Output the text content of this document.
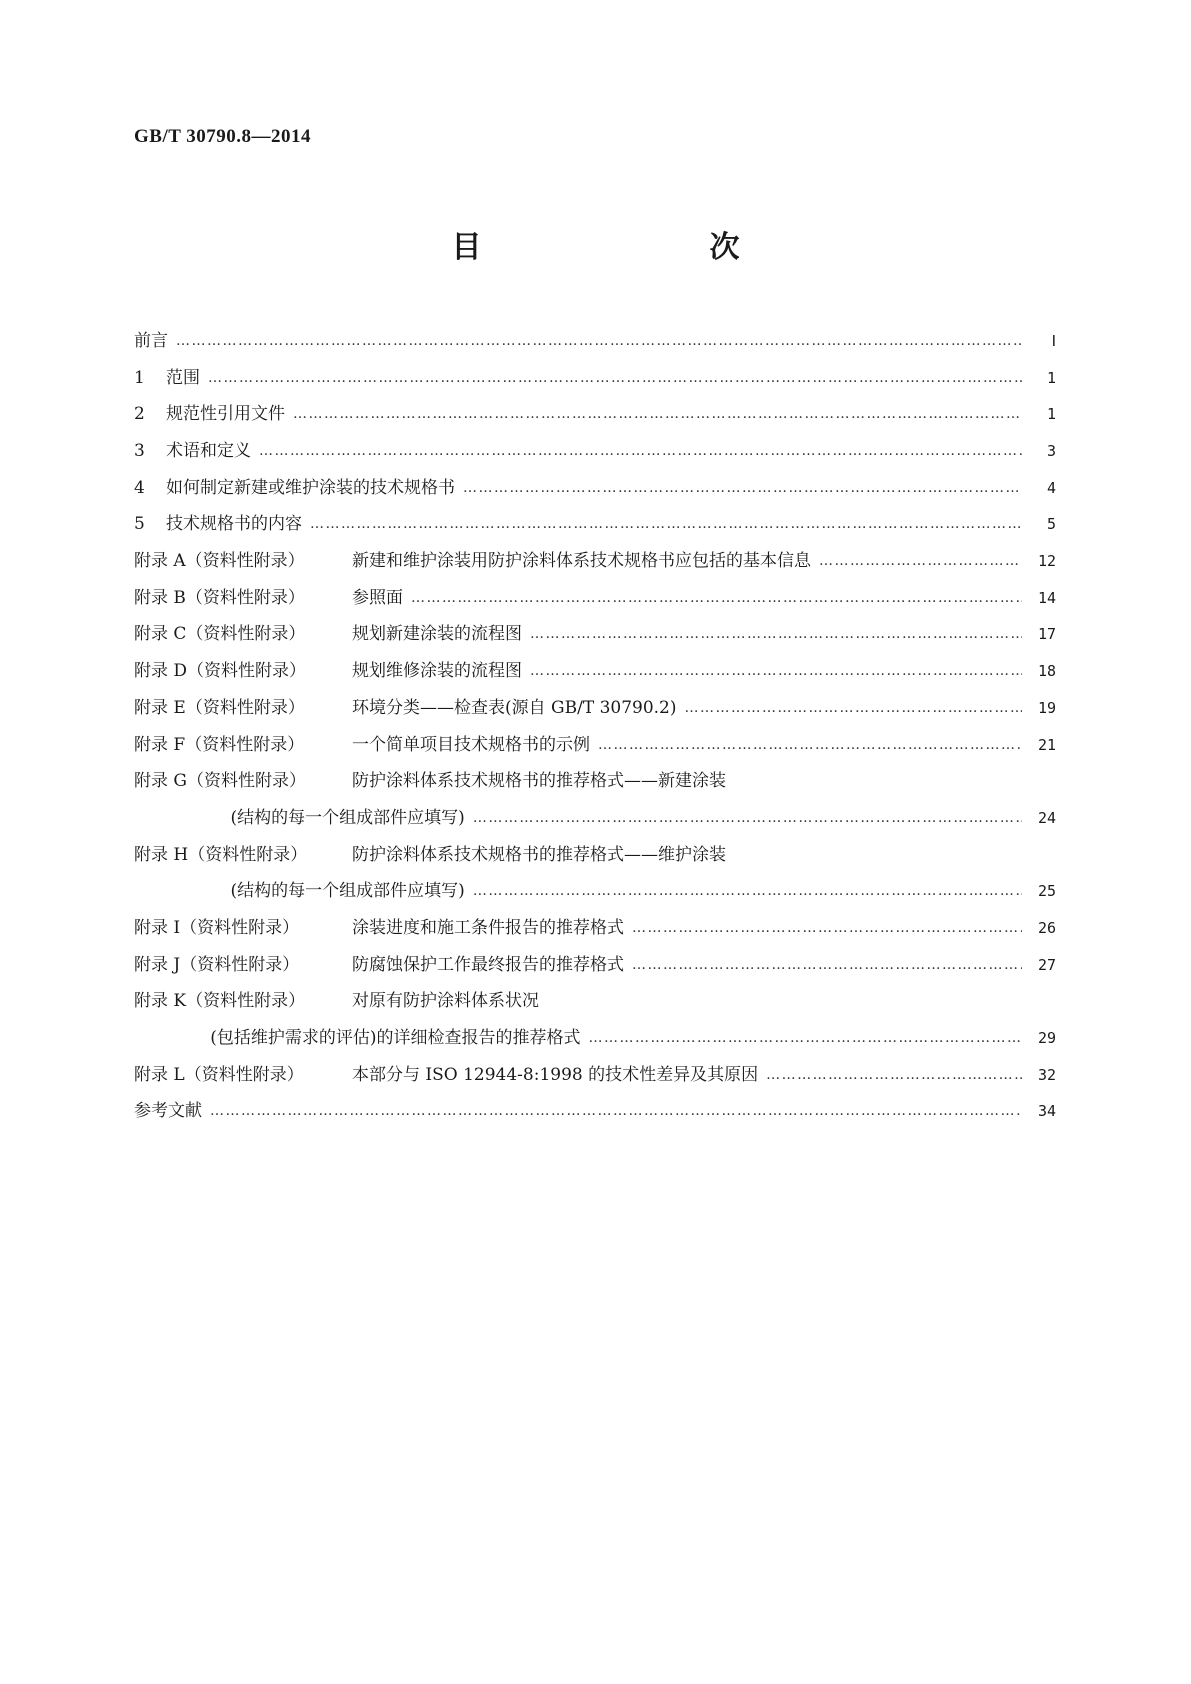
GB/T 30790.8—2014
目　　次
前言 ……………………………………………………………………………………………………………………………………………………………………………………………………………………	Ⅰ
1	范围 ……………………………………………………………………………………………………………………………………………………………………………………………………………………	1
2	规范性引用文件 ……………………………………………………………………………………………………………………………………………………………………………………………………………………	1
3	术语和定义 ……………………………………………………………………………………………………………………………………………………………………………………………………………………	3
4	如何制定新建或维护涂装的技术规格书 ……………………………………………………………………………………………………………………………………………………………………………………………………………………	4
5	技术规格书的内容 ……………………………………………………………………………………………………………………………………………………………………………………………………………………	5
附录 A（资料性附录）	新建和维护涂装用防护涂料体系技术规格书应包括的基本信息 ……………………………………………………………………………………………………………………………………………………………………………………………………………………	12
附录 B（资料性附录）	参照面 ……………………………………………………………………………………………………………………………………………………………………………………………………………………	14
附录 C（资料性附录）	规划新建涂装的流程图 ……………………………………………………………………………………………………………………………………………………………………………………………………………………	17
附录 D（资料性附录）	规划维修涂装的流程图 ……………………………………………………………………………………………………………………………………………………………………………………………………………………	18
附录 E（资料性附录）	环境分类——检查表(源自 GB/T 30790.2) ……………………………………………………………………………………………………………………………………………………………………………………………………………………	19
附录 F（资料性附录）	一个简单项目技术规格书的示例 ……………………………………………………………………………………………………………………………………………………………………………………………………………………	21
附录 G（资料性附录）	防护涂料体系技术规格书的推荐格式——新建涂装
(结构的每一个组成部件应填写) ……………………………………………………………………………………………………………………………………………………………………………………………………………………	24
附录 H（资料性附录）	防护涂料体系技术规格书的推荐格式——维护涂装
(结构的每一个组成部件应填写) ……………………………………………………………………………………………………………………………………………………………………………………………………………………	25
附录 I（资料性附录）	涂装进度和施工条件报告的推荐格式 ……………………………………………………………………………………………………………………………………………………………………………………………………………………	26
附录 J（资料性附录）	防腐蚀保护工作最终报告的推荐格式 ……………………………………………………………………………………………………………………………………………………………………………………………………………………	27
附录 K（资料性附录）	对原有防护涂料体系状况
(包括维护需求的评估)的详细检查报告的推荐格式 ……………………………………………………………………………………………………………………………………………………………………………………………………………………	29
附录 L（资料性附录）	本部分与 ISO 12944-8:1998 的技术性差异及其原因 ……………………………………………………………………………………………………………………………………………………………………………………………………………………	32
参考文献 ……………………………………………………………………………………………………………………………………………………………………………………………………………………	34
